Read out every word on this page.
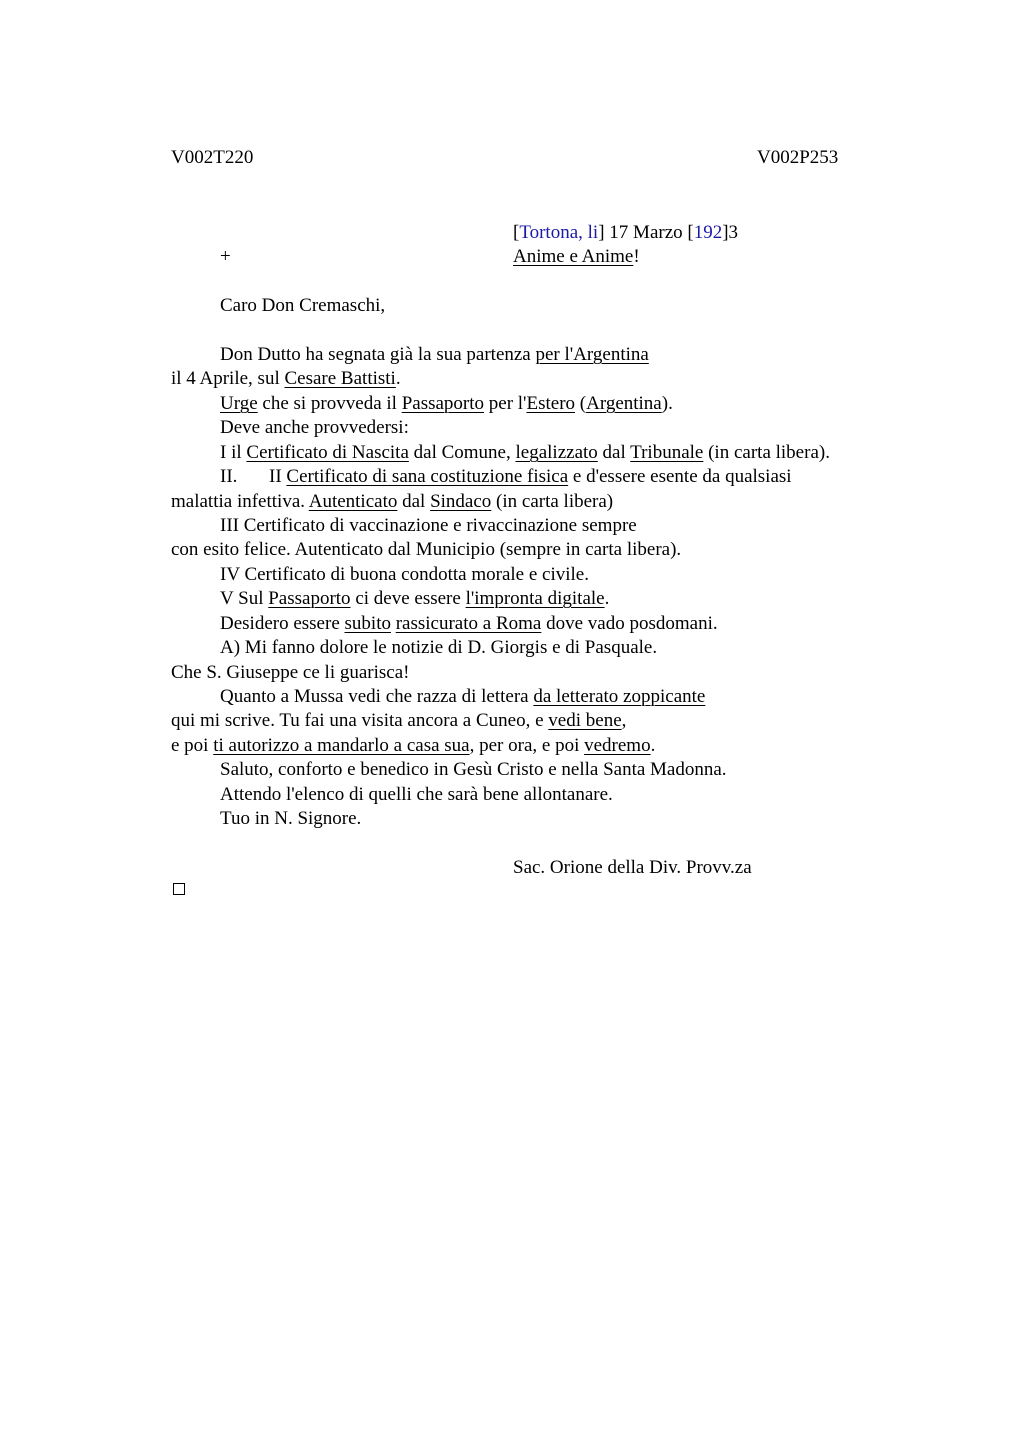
V002T220	V002P253
[Tortona, li] 17 Marzo [192]3
+	Anime e Anime!
Caro Don Cremaschi,
Don Dutto ha segnata già la sua partenza per l'Argentina
il 4 Aprile, sul Cesare Battisti.
Urge che si provveda il Passaporto per l'Estero (Argentina).
Deve anche provvedersi:
I il Certificato di Nascita dal Comune, legalizzato dal Tribunale (in carta libera).
II. II Certificato di sana costituzione fisica e d'essere esente da qualsiasi
malattia infettiva. Autenticato dal Sindaco (in carta libera)
III Certificato di vaccinazione e rivaccinazione sempre
con esito felice. Autenticato dal Municipio (sempre in carta libera).
IV Certificato di buona condotta morale e civile.
V Sul Passaporto ci deve essere l'impronta digitale.
Desidero essere subito rassicurato a Roma dove vado posdomani.
A) Mi fanno dolore le notizie di D. Giorgis e di Pasquale.
Che S. Giuseppe ce li guarisca!
Quanto a Mussa vedi che razza di lettera da letterato zoppicante
qui mi scrive. Tu fai una visita ancora a Cuneo, e vedi bene,
e poi ti autorizzo a mandarlo a casa sua, per ora, e poi vedremo.
Saluto, conforto e benedico in Gesù Cristo e nella Santa Madonna.
Attendo l'elenco di quelli che sarà bene allontanare.
Tuo in N. Signore.
Sac. Orione della Div. Provv.za
